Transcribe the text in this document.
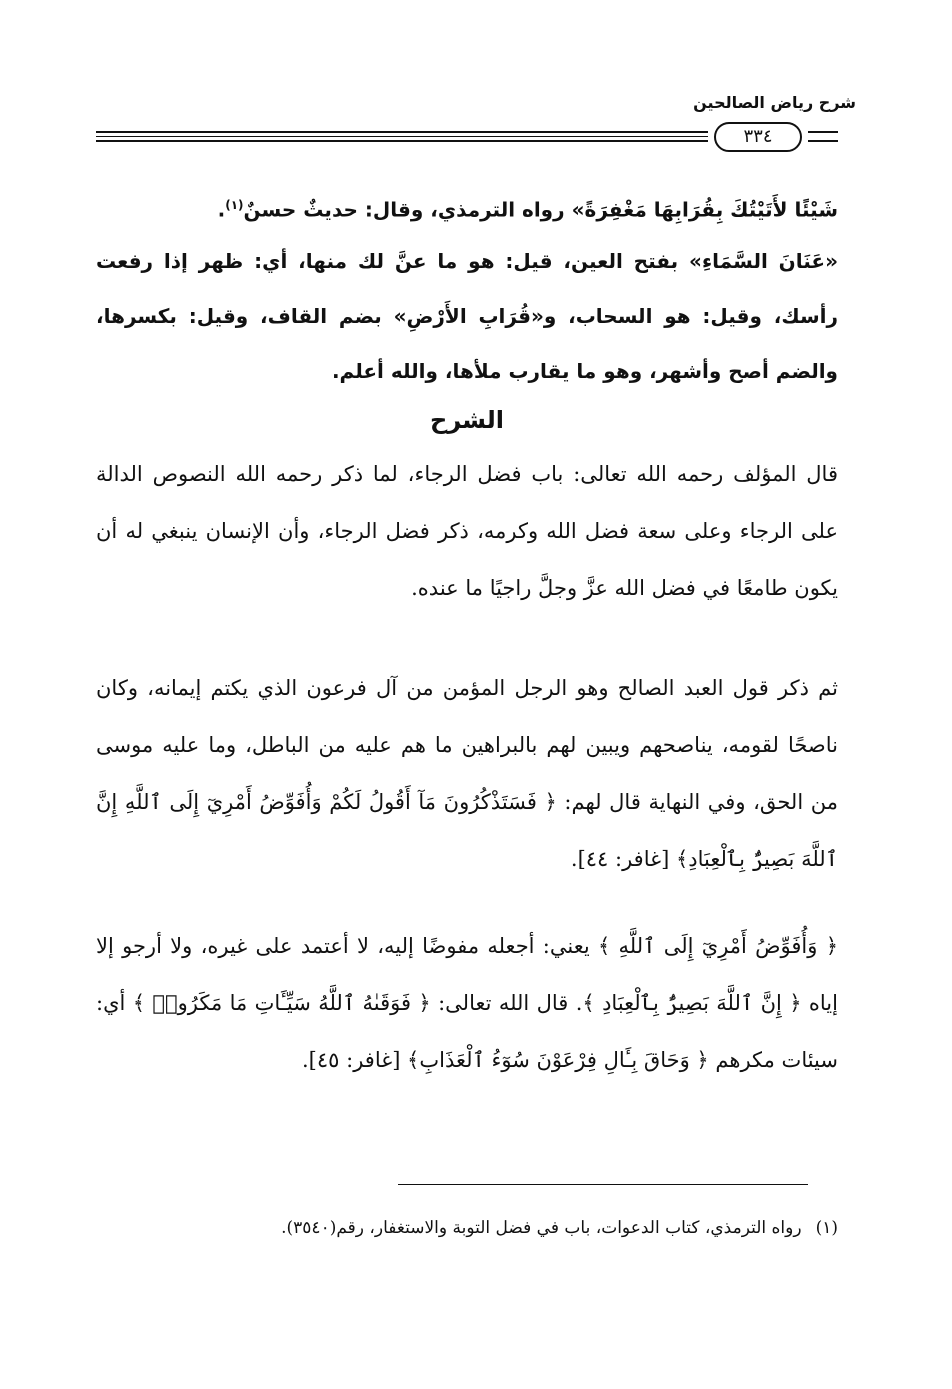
شرح رياض الصالحين
٣٣٤

شَيْئًا لأَتَيْتُكَ بِقُرَابِهَا مَغْفِرَةً» رواه الترمذي، وقال: حديثٌ حسنٌ$^{(١)}$.

«عَنَانَ السَّمَاءِ» بفتح العين، قيل: هو ما عنَّ لك منها، أي: ظهر إذا رفعت رأسك، وقيل: هو السحاب، و«قُرَابِ الأَرْضِ» بضم القاف، وقيل: بكسرها، والضم أصح وأشهر، وهو ما يقارب ملأها، والله أعلم.

الشرح

قال المؤلف رحمه الله تعالى: باب فضل الرجاء، لما ذكر رحمه الله النصوص الدالة على الرجاء وعلى سعة فضل الله وكرمه، ذكر فضل الرجاء، وأن الإنسان ينبغي له أن يكون طامعًا في فضل الله عزَّ وجلَّ راجيًا ما عنده.

ثم ذكر قول العبد الصالح وهو الرجل المؤمن من آل فرعون الذي يكتم إيمانه، وكان ناصحًا لقومه، يناصحهم ويبين لهم بالبراهين ما هم عليه من الباطل، وما عليه موسى من الحق، وفي النهاية قال لهم: ﴿ فَسَتَذْكُرُونَ مَآ أَقُولُ لَكُمْ وَأُفَوِّضُ أَمْرِيٓ إِلَى ٱللَّهِ إِنَّ ٱللَّهَ بَصِيرٌۢ بِٱلْعِبَادِ﴾ [غافر: ٤٤].

﴿ وَأُفَوِّضُ أَمْرِيٓ إِلَى ٱللَّهِ ﴾ يعني: أجعله مفوضًا إليه، لا أعتمد على غيره، ولا أرجو إلا إياه ﴿ إِنَّ ٱللَّهَ بَصِيرٌۢ بِٱلْعِبَادِ ﴾. قال الله تعالى: ﴿ فَوَقَىٰهُ ٱللَّهُ سَيِّـَٔاتِ مَا مَكَرُوا۟ ﴾ أي: سيئات مكرهم ﴿ وَحَاقَ بِـَٔالِ فِرْعَوْنَ سُوٓءُ ٱلْعَذَابِ﴾ [غافر: ٤٥].

(١)رواه الترمذي، كتاب الدعوات، باب في فضل التوبة والاستغفار، رقم(٣٥٤٠).
